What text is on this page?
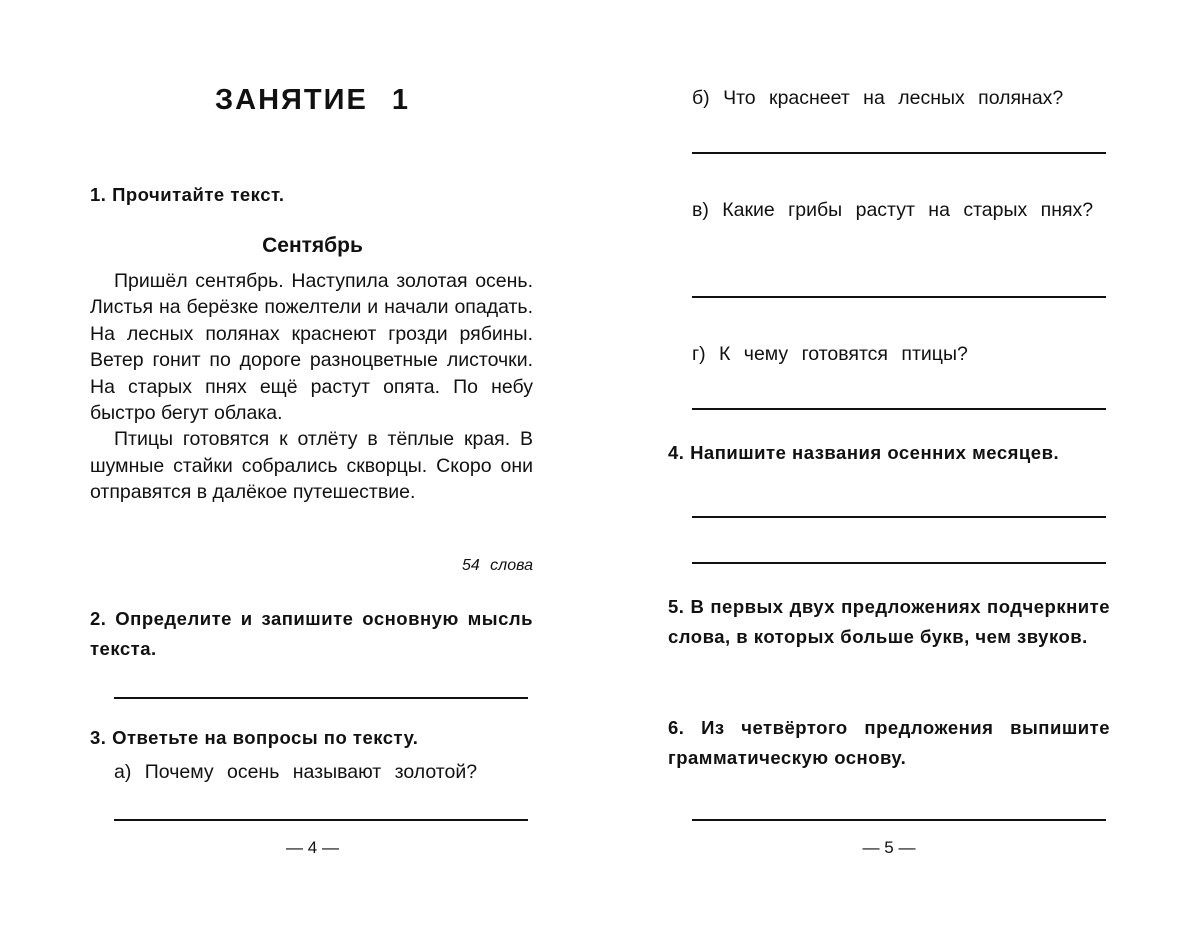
ЗАНЯТИЕ 1

1. Прочитайте текст.

Сентябрь

Пришёл сентябрь. Наступила золотая осень. Листья на берёзке пожелтели и начали опадать. На лесных полянах краснеют грозди рябины. Ветер гонит по дороге разноцветные листочки. На старых пнях ещё растут опята. По небу быстро бегут облака.

Птицы готовятся к отлёту в тёплые края. В шумные стайки собрались скворцы. Скоро они отправятся в далёкое путешествие.

54 слова

2. Определите и запишите основную мысль текста.

3. Ответьте на вопросы по тексту.

а) Почему осень называют золотой?

— 4 —

б) Что краснеет на лесных полянах?

в) Какие грибы растут на старых пнях?

г) К чему готовятся птицы?

4. Напишите названия осенних месяцев.

5. В первых двух предложениях подчеркните слова, в которых больше букв, чем звуков.

6. Из четвёртого предложения выпишите грамматическую основу.

— 5 —
